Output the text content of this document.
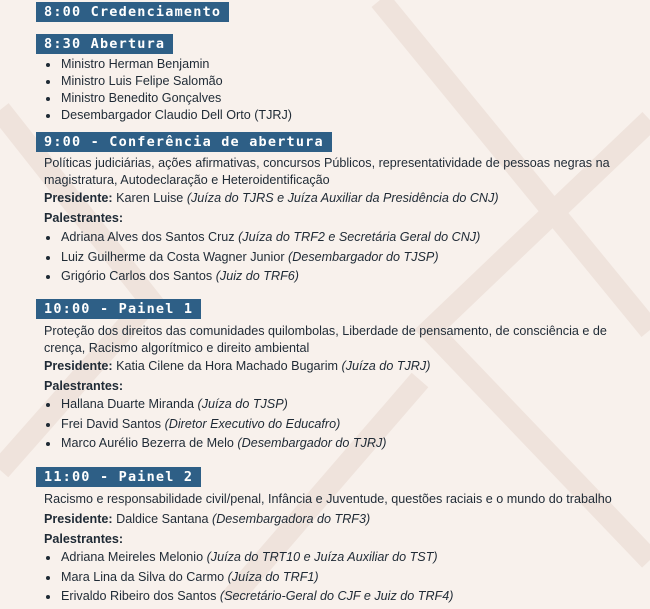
8:00 Credenciamento
8:30 Abertura
Ministro Herman Benjamin
Ministro Luis Felipe Salomão
Ministro Benedito Gonçalves
Desembargador Claudio Dell Orto (TJRJ)
9:00 - Conferência de abertura
Políticas judiciárias, ações afirmativas, concursos Públicos, representatividade de pessoas negras na magistratura, Autodeclaração e Heteroidentificação
Presidente: Karen Luise (Juíza do TJRS e Juíza Auxiliar da Presidência do CNJ)
Palestrantes:
Adriana Alves dos Santos Cruz (Juíza do TRF2 e Secretária Geral do CNJ)
Luiz Guilherme da Costa Wagner Junior (Desembargador do TJSP)
Grigório Carlos dos Santos (Juiz do TRF6)
10:00 - Painel 1
Proteção dos direitos das comunidades quilombolas, Liberdade de pensamento, de consciência e de crença, Racismo algorítmico e direito ambiental
Presidente: Katia Cilene da Hora Machado Bugarim (Juíza do TJRJ)
Palestrantes:
Hallana Duarte Miranda (Juíza do TJSP)
Frei David Santos (Diretor Executivo do Educafro)
Marco Aurélio Bezerra de Melo (Desembargador do TJRJ)
11:00 - Painel 2
Racismo e responsabilidade civil/penal, Infância e Juventude, questões raciais e o mundo do trabalho
Presidente: Daldice Santana (Desembargadora do TRF3)
Palestrantes:
Adriana Meireles Melonio (Juíza do TRT10 e Juíza Auxiliar do TST)
Mara Lina da Silva do Carmo (Juíza do TRF1)
Erivaldo Ribeiro dos Santos (Secretário-Geral do CJF e Juiz do TRF4)
